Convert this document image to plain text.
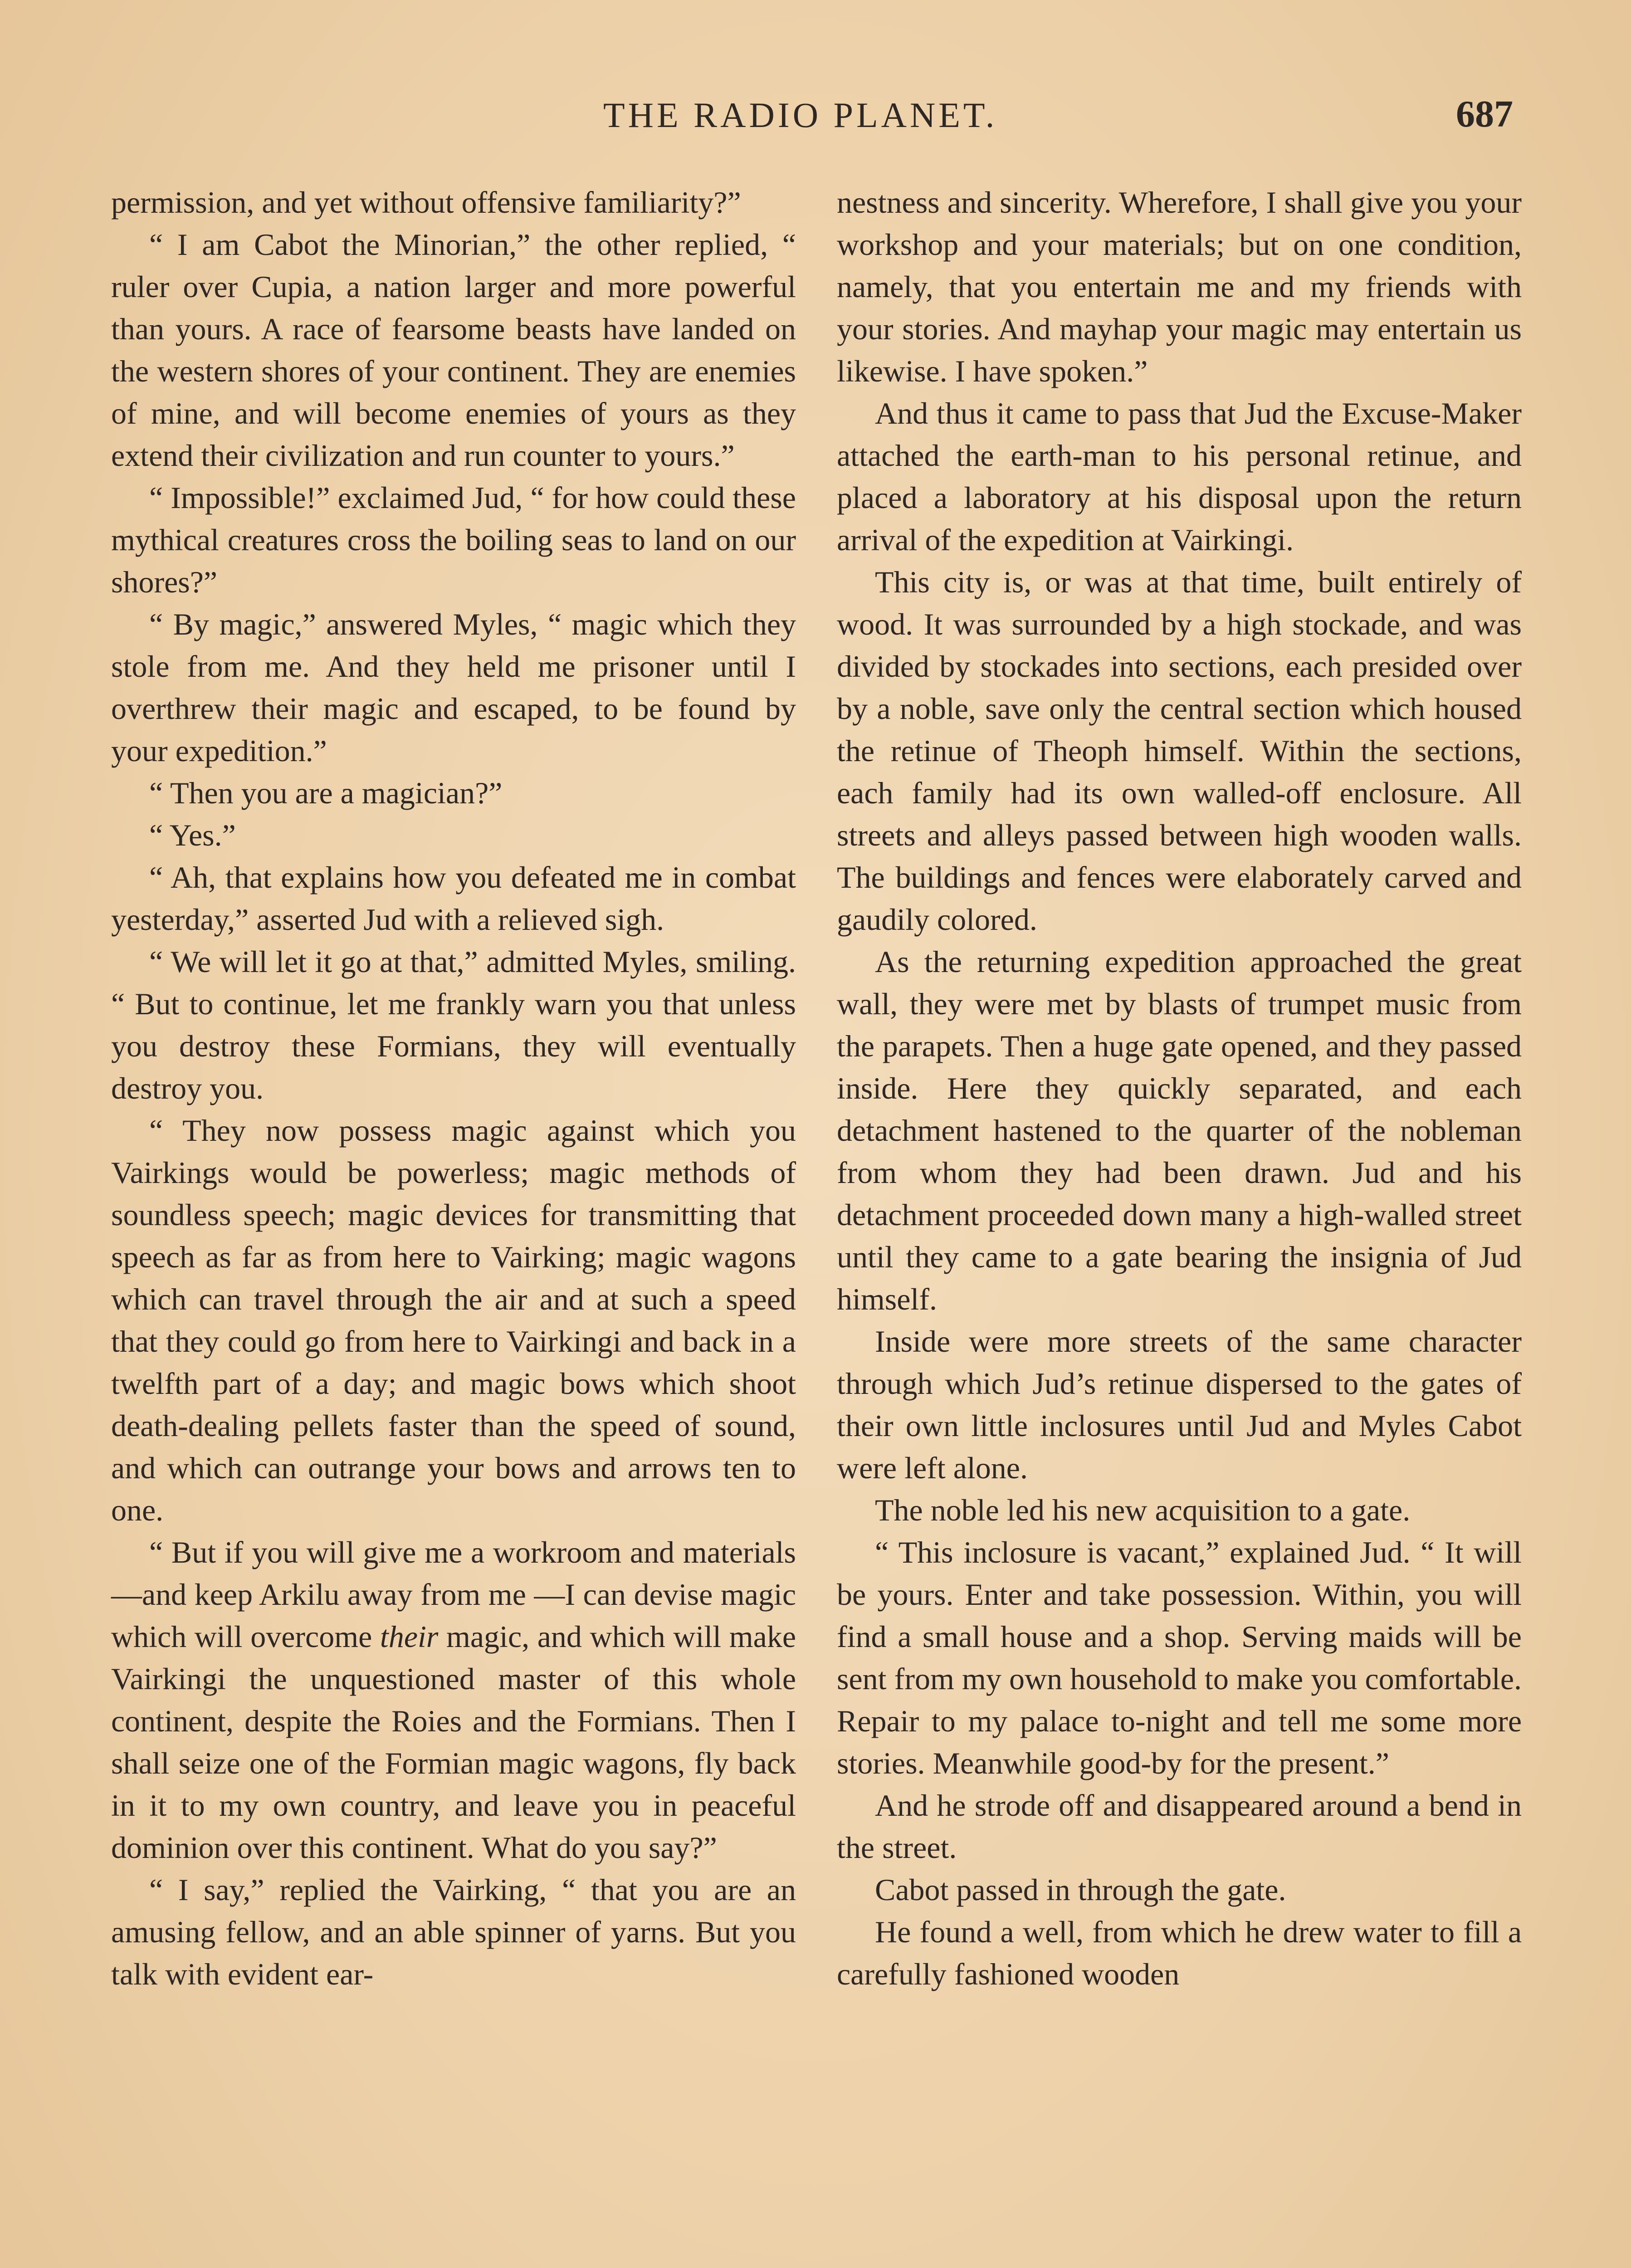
THE RADIO PLANET.	687

permission, and yet without offensive familiarity?”

“ I am Cabot the Minorian,” the other replied, “ ruler over Cupia, a nation larger and more powerful than yours. A race of fearsome beasts have landed on the western shores of your continent. They are enemies of mine, and will become enemies of yours as they extend their civilization and run counter to yours.”

“ Impossible!” exclaimed Jud, “ for how could these mythical creatures cross the boiling seas to land on our shores?”

“ By magic,” answered Myles, “ magic which they stole from me. And they held me prisoner until I overthrew their magic and escaped, to be found by your expedition.”

“ Then you are a magician?”

“ Yes.”

“ Ah, that explains how you defeated me in combat yesterday,” asserted Jud with a relieved sigh.

“ We will let it go at that,” admitted Myles, smiling. “ But to continue, let me frankly warn you that unless you destroy these Formians, they will eventually destroy you.

“ They now possess magic against which you Vairkings would be powerless; magic methods of soundless speech; magic devices for transmitting that speech as far as from here to Vairking; magic wagons which can travel through the air and at such a speed that they could go from here to Vairkingi and back in a twelfth part of a day; and magic bows which shoot death-dealing pellets faster than the speed of sound, and which can outrange your bows and arrows ten to one.

“ But if you will give me a workroom and materials—and keep Arkilu away from me —I can devise magic which will overcome their magic, and which will make Vairkingi the unquestioned master of this whole continent, despite the Roies and the Formians. Then I shall seize one of the Formian magic wagons, fly back in it to my own country, and leave you in peaceful dominion over this continent. What do you say?”

“ I say,” replied the Vairking, “ that you are an amusing fellow, and an able spinner of yarns. But you talk with evident ear-

nestness and sincerity. Wherefore, I shall give you your workshop and your materials; but on one condition, namely, that you entertain me and my friends with your stories. And mayhap your magic may entertain us likewise. I have spoken.”

And thus it came to pass that Jud the Excuse-Maker attached the earth-man to his personal retinue, and placed a laboratory at his disposal upon the return arrival of the expedition at Vairkingi.

This city is, or was at that time, built entirely of wood. It was surrounded by a high stockade, and was divided by stockades into sections, each presided over by a noble, save only the central section which housed the retinue of Theoph himself. Within the sections, each family had its own walled-off enclosure. All streets and alleys passed between high wooden walls. The buildings and fences were elaborately carved and gaudily colored.

As the returning expedition approached the great wall, they were met by blasts of trumpet music from the parapets. Then a huge gate opened, and they passed inside. Here they quickly separated, and each detachment hastened to the quarter of the nobleman from whom they had been drawn. Jud and his detachment proceeded down many a high-walled street until they came to a gate bearing the insignia of Jud himself.

Inside were more streets of the same character through which Jud’s retinue dispersed to the gates of their own little inclosures until Jud and Myles Cabot were left alone.

The noble led his new acquisition to a gate.

“ This inclosure is vacant,” explained Jud. “ It will be yours. Enter and take possession. Within, you will find a small house and a shop. Serving maids will be sent from my own household to make you comfortable. Repair to my palace to-night and tell me some more stories. Meanwhile good-by for the present.”

And he strode off and disappeared around a bend in the street.

Cabot passed in through the gate.

He found a well, from which he drew water to fill a carefully fashioned wooden
